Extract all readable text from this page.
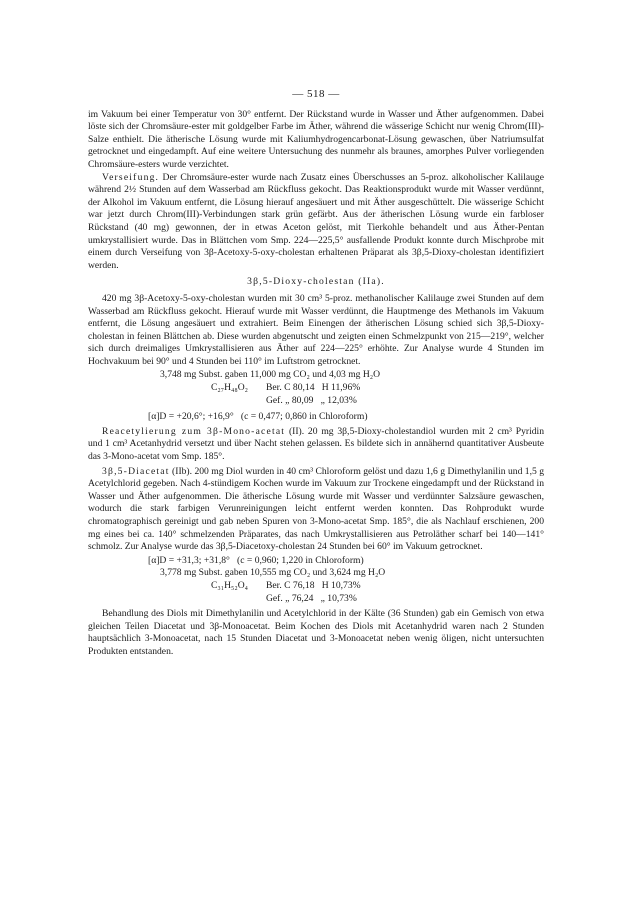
— 518 —

im Vakuum bei einer Temperatur von 30° entfernt. Der Rückstand wurde in Wasser und Äther aufgenommen. Dabei löste sich der Chromsäure-ester mit goldgelber Farbe im Äther, während die wässerige Schicht nur wenig Chrom(III)-Salze enthielt. Die ätherische Lösung wurde mit Kaliumhydrogencarbonat-Lösung gewaschen, über Natriumsulfat getrocknet und eingedampft. Auf eine weitere Untersuchung des nunmehr als braunes, amorphes Pulver vorliegenden Chromsäure-esters wurde verzichtet.

Verseifung. Der Chromsäure-ester wurde nach Zusatz eines Überschusses an 5-proz. alkoholischer Kalilauge während 2½ Stunden auf dem Wasserbad am Rückfluss gekocht. Das Reaktionsprodukt wurde mit Wasser verdünnt, der Alkohol im Vakuum entfernt, die Lösung hierauf angesäuert und mit Äther ausgeschüttelt. Die wässerige Schicht war jetzt durch Chrom(III)-Verbindungen stark grün gefärbt. Aus der ätherischen Lösung wurde ein farbloser Rückstand (40 mg) gewonnen, der in etwas Aceton gelöst, mit Tierkohle behandelt und aus Äther-Pentan umkrystallisiert wurde. Das in Blättchen vom Smp. 224—225,5° ausfallende Produkt konnte durch Mischprobe mit einem durch Verseifung von 3β-Acetoxy-5-oxy-cholestan erhaltenen Präparat als 3β,5-Dioxy-cholestan identifiziert werden.

3β,5-Dioxy-cholestan (IIa).

420 mg 3β-Acetoxy-5-oxy-cholestan wurden mit 30 cm³ 5-proz. methanolischer Kalilauge zwei Stunden auf dem Wasserbad am Rückfluss gekocht. Hierauf wurde mit Wasser verdünnt, die Hauptmenge des Methanols im Vakuum entfernt, die Lösung angesäuert und extrahiert. Beim Einengen der ätherischen Lösung schied sich 3β,5-Dioxy-cholestan in feinen Blättchen ab. Diese wurden abgenutscht und zeigten einen Schmelzpunkt von 215—219°, welcher sich durch dreimaliges Umkrystallisieren aus Äther auf 224—225° erhöhte. Zur Analyse wurde 4 Stunden im Hochvakuum bei 90° und 4 Stunden bei 110° im Luftstrom getrocknet.

3,748 mg Subst. gaben 11,000 mg CO₂ und 4,03 mg H₂O
C₂₇H₄₈O₂	Ber. C 80,14   H 11,96%
Gef. „ 80,09   „ 12,03%
[α]D = +20,6°; +16,9°   (c = 0,477; 0,860 in Chloroform)

Reacetylierung zum 3β-Mono-acetat (II). 20 mg 3β,5-Dioxy-cholestandiol wurden mit 2 cm³ Pyridin und 1 cm³ Acetanhydrid versetzt und über Nacht stehen gelassen. Es bildete sich in annähernd quantitativer Ausbeute das 3-Mono-acetat vom Smp. 185°.

3β,5-Diacetat (IIb). 200 mg Diol wurden in 40 cm³ Chloroform gelöst und dazu 1,6 g Dimethylanilin und 1,5 g Acetylchlorid gegeben. Nach 4-stündigem Kochen wurde im Vakuum zur Trockene eingedampft und der Rückstand in Wasser und Äther aufgenommen. Die ätherische Lösung wurde mit Wasser und verdünnter Salzsäure gewaschen, wodurch die stark farbigen Verunreinigungen leicht entfernt werden konnten. Das Rohprodukt wurde chromatographisch gereinigt und gab neben Spuren von 3-Mono-acetat Smp. 185°, die als Nachlauf erschienen, 200 mg eines bei ca. 140° schmelzenden Präparates, das nach Umkrystallisieren aus Petroläther scharf bei 140—141° schmolz. Zur Analyse wurde das 3β,5-Diacetoxy-cholestan 24 Stunden bei 60° im Vakuum getrocknet.

[α]D = +31,3; +31,8°   (c = 0,960; 1,220 in Chloroform)
3,778 mg Subst. gaben 10,555 mg CO₂ und 3,624 mg H₂O
C₃₁H₅₂O₄	Ber. C 76,18   H 10,73%
Gef. „ 76,24   „ 10,73%

Behandlung des Diols mit Dimethylanilin und Acetylchlorid in der Kälte (36 Stunden) gab ein Gemisch von etwa gleichen Teilen Diacetat und 3β-Monoacetat. Beim Kochen des Diols mit Acetanhydrid waren nach 2 Stunden hauptsächlich 3-Monoacetat, nach 15 Stunden Diacetat und 3-Monoacetat neben wenig öligen, nicht untersuchten Produkten entstanden.
